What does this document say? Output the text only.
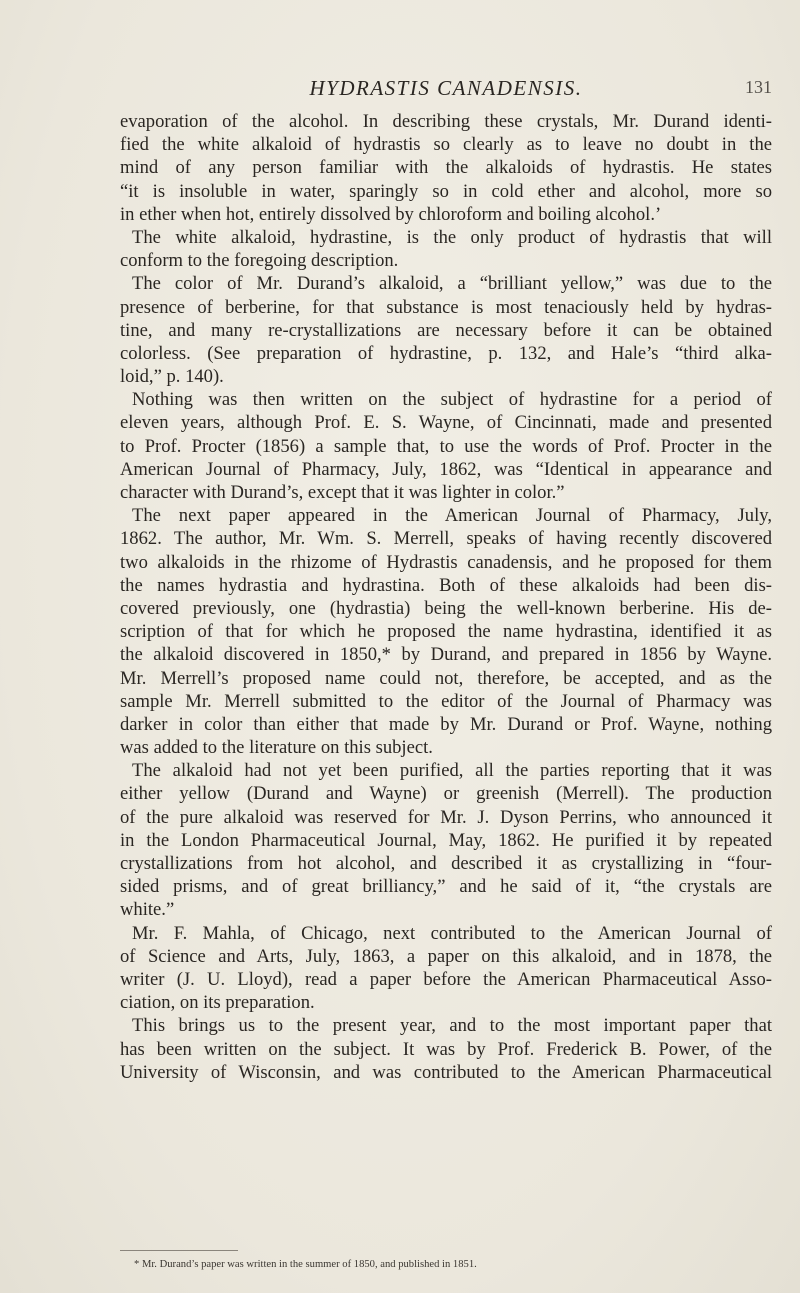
HYDRASTIS CANADENSIS.	131
evaporation of the alcohol. In describing these crystals, Mr. Durand identi-
fied the white alkaloid of hydrastis so clearly as to leave no doubt in the
mind of any person familiar with the alkaloids of hydrastis. He states
“it is insoluble in water, sparingly so in cold ether and alcohol, more so
in ether when hot, entirely dissolved by chloroform and boiling alcohol.’
The white alkaloid, hydrastine, is the only product of hydrastis that will
conform to the foregoing description.
The color of Mr. Durand’s alkaloid, a “brilliant yellow,” was due to the
presence of berberine, for that substance is most tenaciously held by hydras-
tine, and many re-crystallizations are necessary before it can be obtained
colorless. (See preparation of hydrastine, p. 132, and Hale’s “third alka-
loid,” p. 140).
Nothing was then written on the subject of hydrastine for a period of
eleven years, although Prof. E. S. Wayne, of Cincinnati, made and presented
to Prof. Procter (1856) a sample that, to use the words of Prof. Procter in the
American Journal of Pharmacy, July, 1862, was “Identical in appearance and
character with Durand’s, except that it was lighter in color.”
The next paper appeared in the American Journal of Pharmacy, July,
1862. The author, Mr. Wm. S. Merrell, speaks of having recently discovered
two alkaloids in the rhizome of Hydrastis canadensis, and he proposed for them
the names hydrastia and hydrastina. Both of these alkaloids had been dis-
covered previously, one (hydrastia) being the well-known berberine. His de-
scription of that for which he proposed the name hydrastina, identified it as
the alkaloid discovered in 1850,* by Durand, and prepared in 1856 by Wayne.
Mr. Merrell’s proposed name could not, therefore, be accepted, and as the
sample Mr. Merrell submitted to the editor of the Journal of Pharmacy was
darker in color than either that made by Mr. Durand or Prof. Wayne, nothing
was added to the literature on this subject.
The alkaloid had not yet been purified, all the parties reporting that it was
either yellow (Durand and Wayne) or greenish (Merrell). The production
of the pure alkaloid was reserved for Mr. J. Dyson Perrins, who announced it
in the London Pharmaceutical Journal, May, 1862. He purified it by repeated
crystallizations from hot alcohol, and described it as crystallizing in “four-
sided prisms, and of great brilliancy,” and he said of it, “the crystals are
white.”
Mr. F. Mahla, of Chicago, next contributed to the American Journal of
of Science and Arts, July, 1863, a paper on this alkaloid, and in 1878, the
writer (J. U. Lloyd), read a paper before the American Pharmaceutical Asso-
ciation, on its preparation.
This brings us to the present year, and to the most important paper that
has been written on the subject. It was by Prof. Frederick B. Power, of the
University of Wisconsin, and was contributed to the American Pharmaceutical
* Mr. Durand’s paper was written in the summer of 1850, and published in 1851.
